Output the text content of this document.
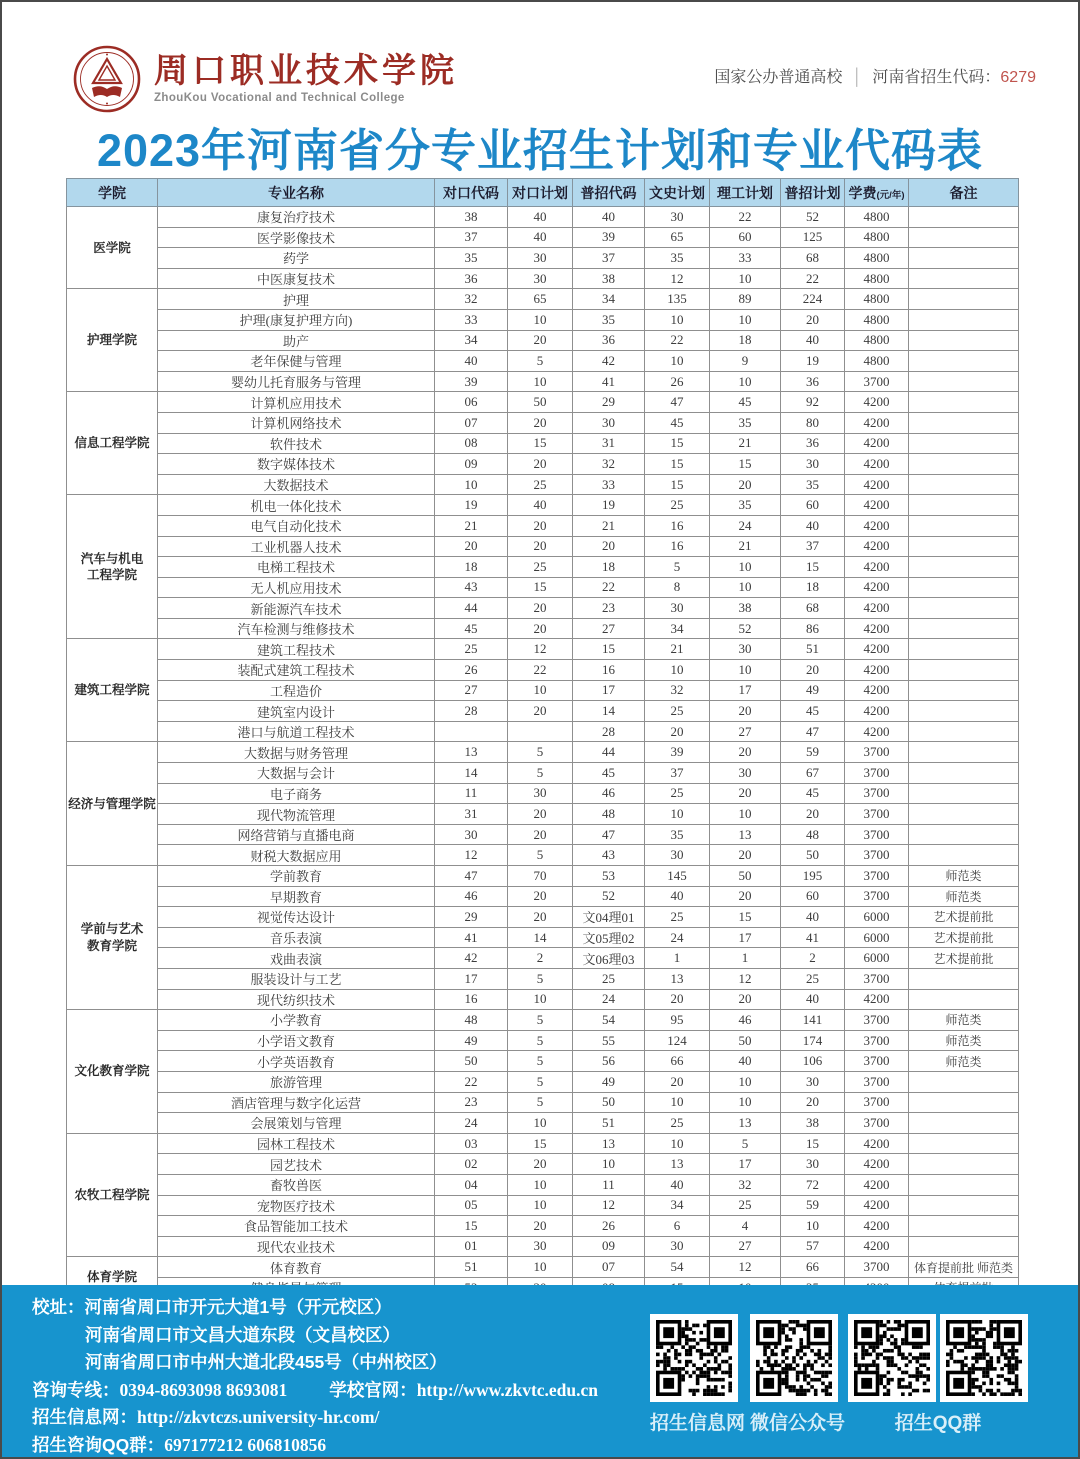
周口职业技术学院
ZhouKou Vocational and Technical College
国家公办普通高校 │ 河南省招生代码：6279
2023年河南省分专业招生计划和专业代码表
学院	专业名称	对口代码	对口计划	普招代码	文史计划	理工计划	普招计划	学费(元/年)	备注
医学院	康复治疗技术	38	40	40	30	22	52	4800	
	医学影像技术	37	40	39	65	60	125	4800	
	药学	35	30	37	35	33	68	4800	
	中医康复技术	36	30	38	12	10	22	4800	
护理学院	护理	32	65	34	135	89	224	4800	
	护理(康复护理方向)	33	10	35	10	10	20	4800	
	助产	34	20	36	22	18	40	4800	
	老年保健与管理	40	5	42	10	9	19	4800	
	婴幼儿托育服务与管理	39	10	41	26	10	36	3700	
信息工程学院	计算机应用技术	06	50	29	47	45	92	4200	
	计算机网络技术	07	20	30	45	35	80	4200	
	软件技术	08	15	31	15	21	36	4200	
	数字媒体技术	09	20	32	15	15	30	4200	
	大数据技术	10	25	33	15	20	35	4200	
汽车与机电
工程学院	机电一体化技术	19	40	19	25	35	60	4200	
	电气自动化技术	21	20	21	16	24	40	4200	
	工业机器人技术	20	20	20	16	21	37	4200	
	电梯工程技术	18	25	18	5	10	15	4200	
	无人机应用技术	43	15	22	8	10	18	4200	
	新能源汽车技术	44	20	23	30	38	68	4200	
	汽车检测与维修技术	45	20	27	34	52	86	4200	
建筑工程学院	建筑工程技术	25	12	15	21	30	51	4200	
	装配式建筑工程技术	26	22	16	10	10	20	4200	
	工程造价	27	10	17	32	17	49	4200	
	建筑室内设计	28	20	14	25	20	45	4200	
	港口与航道工程技术			28	20	27	47	4200	
经济与管理学院	大数据与财务管理	13	5	44	39	20	59	3700	
	大数据与会计	14	5	45	37	30	67	3700	
	电子商务	11	30	46	25	20	45	3700	
	现代物流管理	31	20	48	10	10	20	3700	
	网络营销与直播电商	30	20	47	35	13	48	3700	
	财税大数据应用	12	5	43	30	20	50	3700	
学前与艺术
教育学院	学前教育	47	70	53	145	50	195	3700	师范类
	早期教育	46	20	52	40	20	60	3700	师范类
	视觉传达设计	29	20	文04理01	25	15	40	6000	艺术提前批
	音乐表演	41	14	文05理02	24	17	41	6000	艺术提前批
	戏曲表演	42	2	文06理03	1	1	2	6000	艺术提前批
	服装设计与工艺	17	5	25	13	12	25	3700	
	现代纺织技术	16	10	24	20	20	40	4200	
文化教育学院	小学教育	48	5	54	95	46	141	3700	师范类
	小学语文教育	49	5	55	124	50	174	3700	师范类
	小学英语教育	50	5	56	66	40	106	3700	师范类
	旅游管理	22	5	49	20	10	30	3700	
	酒店管理与数字化运营	23	5	50	10	10	20	3700	
	会展策划与管理	24	10	51	25	13	38	3700	
农牧工程学院	园林工程技术	03	15	13	10	5	15	4200	
	园艺技术	02	20	10	13	17	30	4200	
	畜牧兽医	04	10	11	40	32	72	4200	
	宠物医疗技术	05	10	12	34	25	59	4200	
	食品智能加工技术	15	20	26	6	4	10	4200	
	现代农业技术	01	30	09	30	27	57	4200	
体育学院	体育教育	51	10	07	54	12	66	3700	体育提前批 师范类

校址：河南省周口市开元大道1号（开元校区）
河南省周口市文昌大道东段（文昌校区）
河南省周口市中州大道北段455号（中州校区）
咨询专线：0394-8693098 8693081 学校官网：http://www.zkvtc.edu.cn
招生信息网：http://zkvtczs.university-hr.com/
招生咨询QQ群：697177212 606810856
招生信息网 微信公众号	招生QQ群
